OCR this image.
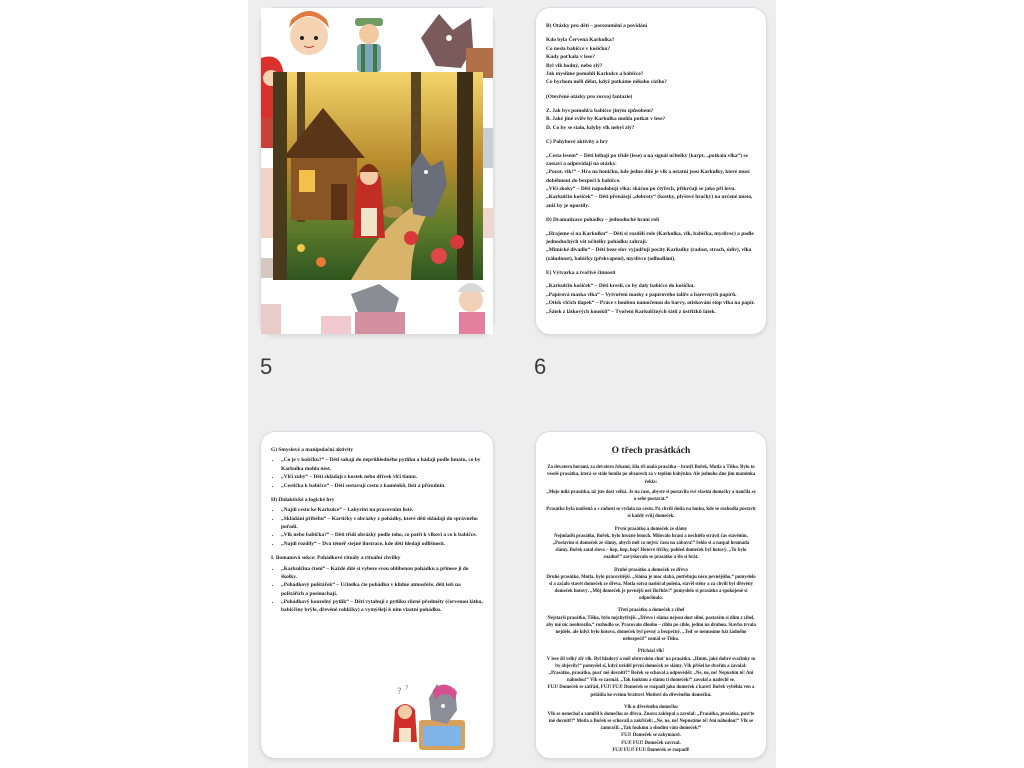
5
B) Otázky pro děti – porozumění a povídání
Kdo byla Červená Karkulka?
Co nesla babičce v košíčku?
Kudy poťkala v lese?
Byl vlk hodný, nebo zlý?
Jak myslíme pomohli Karkulce a babičce?
Co bychom měli dělat, když potkáme někoho cizího?
(Otevřené otázky pro rozvoj fantazie)
Z. Jak bys pomohl/a babičce jiným způsobem?
B. Jaké jiné zvíře by Karkulka mohla potkat v lese?
D. Co by se stalo, kdyby vlk nebyl zlý?
C) Pohybové aktivity a hry
„Cesta lesem“ – Děti běhají po třídě (lese) a na signál učitelky (karpt, „potkala vlka“) se zastaví a odpovídají na otázky.
„Pozor, vlk!“ – Hra na honičku, kde jedno dítě je vlk a ostatní jsou Karkulky, které musí doběhnout do bezpečí k babičce.
„Vlčí skoky“ – Děti napodobují vlka: skáčou po čtyřech, přikrčují se jako při lovu.
„Karkulčin košíček“ – Děti přenášejí „dobroty“ (kostky, plyšové hračky) na určené místo, aniž by je upustily.
D) Dramatizace pohádky – jednoduché hraní rolí
„Hrajeme si na Karkulku“ – Děti si rozdělí role (Karkulka, vlk, babička, myslivec) a podle jednoduchých vět učitelky pohádku zahrají.
„Mimické divadlo“ – Děti beze slov vyjadřují pocity Karkulky (radost, strach, údiv), vlka (záludnost), babičky (překvapení), myslivce (odhodlání).
E) Výtvarka a tvořivé činnosti
„Karkulčin košíček“ – Děti kreslí, co by daly babičce do košíčku.
„Papírová maska vlka“ – Vytvoření masky z papírového talíře a barevných papírů.
„Otisk vlčích tlapek“ – Práce s houbou namočenou do barvy, otiskování stop vlka na papír.
„Šátek z látkových kousků“ – Tvoření Karkulčiných šátů z ústřižků látek.
6
G) Smyslové a manipulační aktivity
• „Co je v košíčku?“ – Děti sahají do neprůhledného pytlíku a hádají podle hmatu, co by Karkulka mohla nést.
• „Vlčí zuby“ – Děti skládají z kostek nebo dřívek vlčí tlamu.
• „Cestička k babičce“ – Děti sestavují cestu z kaménků, listí a přírodnin.
H) Didaktické a logické hry
• „Najdi cestu ke Karkulce“ – Labyrint na pracovním listě.
• „Skládání příběhu“ – Kartičky s obrázky z pohádky, které děti skládají do správného pořadí.
• „Vlk nebo babička?“ – Děti třídí obrázky podle toho, co patří k vlkovi a co k babičce.
• „Najdi rozdíly“ – Dva téměř stejné ilustrace, kde děti hledají odlišnosti.
I. Ilomanová sekce: Pohádkové rituály a rituální chvilky
• „Karkulčina čtení“ – Každé dítě si vybere svou oblíbenou pohádku a přinese ji do školky.
• „Pohádkový polštářek“ – Učitelka čte pohádku v klidné atmosféře, děti leží na polštářích a poslouchají.
• „Pohádkový kouzelný pytlík“ – Děti vytahují z pytlíku různé předměty (červenou látku, babiččiny brýle, dřevěné rohlíčky) a vymýšlejí k nim vlastní pohádku.
? ?
O třech prasátkách

Za devatero horami, za devatero řekami, žila tři malá prasátka – bratři Bořek, Motla a Tiško. Bylo to veselé prasátka, která se stále honila po obzorech za v teplém bahýnku. Ale jednoho dne jim maminka řekla:

„Moje milá prasátka, už jste dost velká. Je na čase, abyste si postavila své vlastní domečky a naučila se o sebe postarat.“

Prasátka byla nadšená a s radostí se vydala na cestu. Po chvíli došla na louku, kde se rozhodla postavit si každý svůj domeček.

První prasátko a domeček ze slámy

Nejmladší prasátko, Bořek, bylo hrozné lenoch. Milovalo hraní a nechtělo strávit čas stavěním. „Postavím si domeček ze slámy, abych měl co nejvíc času na zábavu!“ řeklo si a naspal hromada slámy. Bořek zatal slovo – hop, hop, hop! Hotové tříčky, pohled domeček byl hotový. „To bylo snadné!“ zavýskovalo se prasátko a šlo si hrát.

Druhé prasátko a domeček ze dřeva

Druhé prasátko, Motla, bylo pracovitější. „Sláma je moc slabá, potřebuju něco pevnějšího,“ pomyslelo si a začalo stavět domeček ze dřeva. Motla sotva nasbíral polena, stavěl stěny a za chvíli byl dřevěný domeček hotový. „Můj domeček je pevnější než Bořkův!“ pomyslelo si prasátko a spokojeně si odpočinulo.

Třetí prasátko a domeček z cihel

Nejstarší prasátko, Tiško, bylo nejchytřejší. „Dřevo i sláma nejsou dost silné, postavím si dům z cihel, aby mě nic neohrozilo,“ rozhodlo se. Pracovalo dlouho – cihlu po cihle, jednu na druhou. Stavba trvala nejdéle, ale když bylo hotovo, domeček byl pevný a bezpečný. „Teď se nemusíme bát žádného nebezpečí!“ usmál se Tiško.

Přichází vlk!

V lese žil velký zlý vlk. Byl hladový a měl obrovskou chuť na prasátka. „Hmm, jaké dobré svačinky to by objevily!“ pomyslel si, když uviděl první domeček ze slámy. Vlk přišel ke dveřím a zavolal:

„Prasátko, prasátko, pusť mě dovnitř!“ Bořek se schoval a odpověděl: „Ne, ne, ne! Nepustím tě! Ani náhodou!“ Vlk se zasmál. „Tak foukmu a slámu ti domeček!“ zavolal a nadechl se.

FUJ! Domeček se zatřásl, FUJ! FUJ! Domeček se rozpadl jako domeček z karet! Bořek vyběhla ven a pelášila ke svému bratrovi Motlovi do dřevěného domečku.

Vlk u dřevěného domečku

Vlk se nenechal a zamířil k domečku ze dřeva. Znovu zaklepal a zavolal: „Prasátka, prasátka, pusťte mě dovnitř!“ Motla a Bořek se schovali a zakřičeli: „Ne, ne, ne! Nepustíme tě! Ani náhodou!“ Vlk se zamračil. „Tak foukmu a shodím vám domeček!“

FUJ! Domeček se zakymácel.

FUJ! FUJ! Domeček zavrzal.

FUJ! FUJ! FUJ! Domeček se rozpadl!
